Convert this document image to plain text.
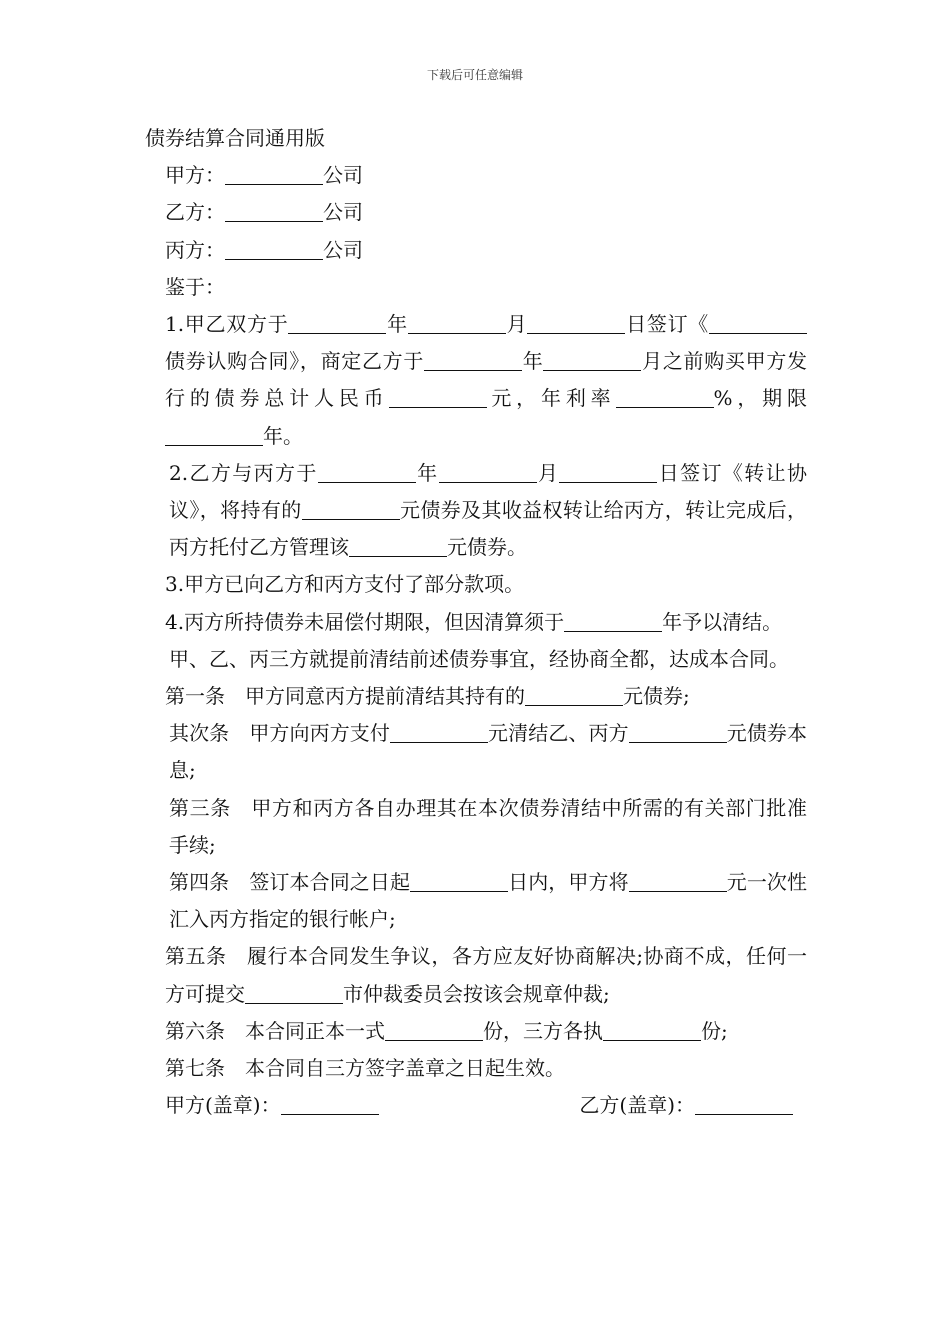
下载后可任意编辑

债券结算合同通用版

甲方：	公司

乙方：	公司

丙方：	公司

鉴于：

1.甲乙双方于	年	月	日签订《债券认购合同》，商定乙方于	年	月之前购买甲方发行的债券总计人民币	元，年利率	%，期限年。

2.乙方与丙方于	年	月	日签订《转让协议》，将持有的	元债券及其收益权转让给丙方，转让完成后，丙方托付乙方管理该	元债券。

3.甲方已向乙方和丙方支付了部分款项。

4.丙方所持债券未届偿付期限，但因清算须于	年予以清结。

甲、乙、丙三方就提前清结前述债券事宜，经协商全都，达成本合同。

第一条　甲方同意丙方提前清结其持有的	元债券;

其次条　甲方向丙方支付	元清结乙、丙方	元债券本息;

第三条　甲方和丙方各自办理其在本次债券清结中所需的有关部门批准手续;

第四条　签订本合同之日起	日内，甲方将	元一次性汇入丙方指定的银行帐户;

第五条　履行本合同发生争议，各方应友好协商解决;协商不成，任何一方可提交	市仲裁委员会按该会规章仲裁;

第六条　本合同正本一式	份，三方各执	份;

第七条　本合同自三方签字盖章之日起生效。

甲方(盖章)：	乙方(盖章)：
